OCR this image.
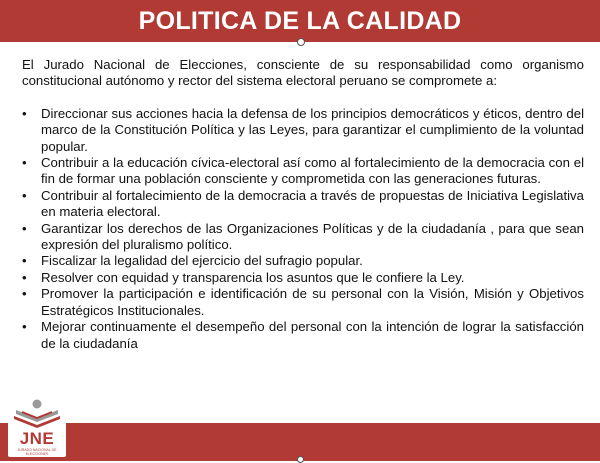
POLITICA DE LA CALIDAD

El Jurado Nacional de Elecciones, consciente de su responsabilidad como organismo constitucional autónomo y rector del sistema electoral peruano se compromete a:

• Direccionar sus acciones hacia la defensa de los principios democráticos y éticos, dentro del marco de la Constitución Política y las Leyes, para garantizar el cumplimiento de la voluntad popular.
• Contribuir a la educación cívica-electoral así como al fortalecimiento de la democracia con el fin de formar una población consciente y comprometida con las generaciones futuras.
• Contribuir al fortalecimiento de la democracia a través de propuestas de Iniciativa Legislativa en materia electoral.
• Garantizar los derechos de las Organizaciones Políticas y de la ciudadanía , para que sean expresión del pluralismo político.
• Fiscalizar la legalidad del ejercicio del sufragio popular.
• Resolver con equidad y transparencia los asuntos que le confiere la Ley.
• Promover la participación e identificación de su personal con la Visión, Misión y Objetivos Estratégicos Institucionales.
• Mejorar continuamente el desempeño del personal con la intención de lograr la satisfacción de la ciudadanía
JNE
JURADO NACIONAL DE ELECCIONES
